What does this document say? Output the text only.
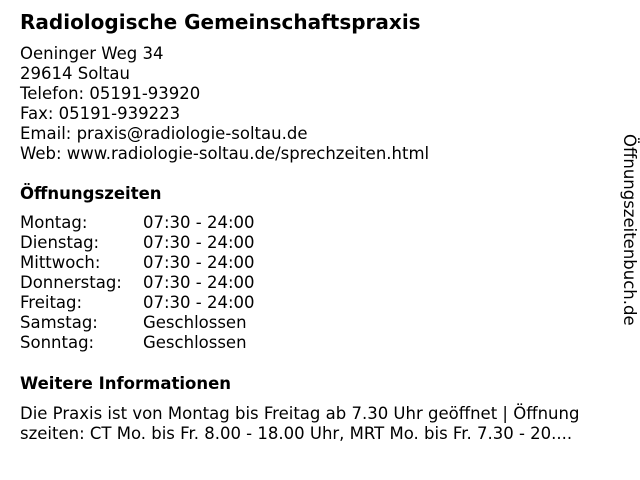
Radiologische Gemeinschaftspraxis
Oeninger Weg 34
29614 Soltau
Telefon: 05191-93920
Fax: 05191-939223
Email: praxis@radiologie-soltau.de
Web: www.radiologie-soltau.de/sprechzeiten.html
Öffnungszeiten
Montag:	07:30 - 24:00
Dienstag:	07:30 - 24:00
Mittwoch:	07:30 - 24:00
Donnerstag:	07:30 - 24:00
Freitag:	07:30 - 24:00
Samstag:	Geschlossen
Sonntag:	Geschlossen
Weitere Informationen
Die Praxis ist von Montag bis Freitag ab 7.30 Uhr geöffnet | Öffnung
szeiten: CT Mo. bis Fr. 8.00 - 18.00 Uhr, MRT Mo. bis Fr. 7.30 - 20....
Öffnungszeitenbuch.de
